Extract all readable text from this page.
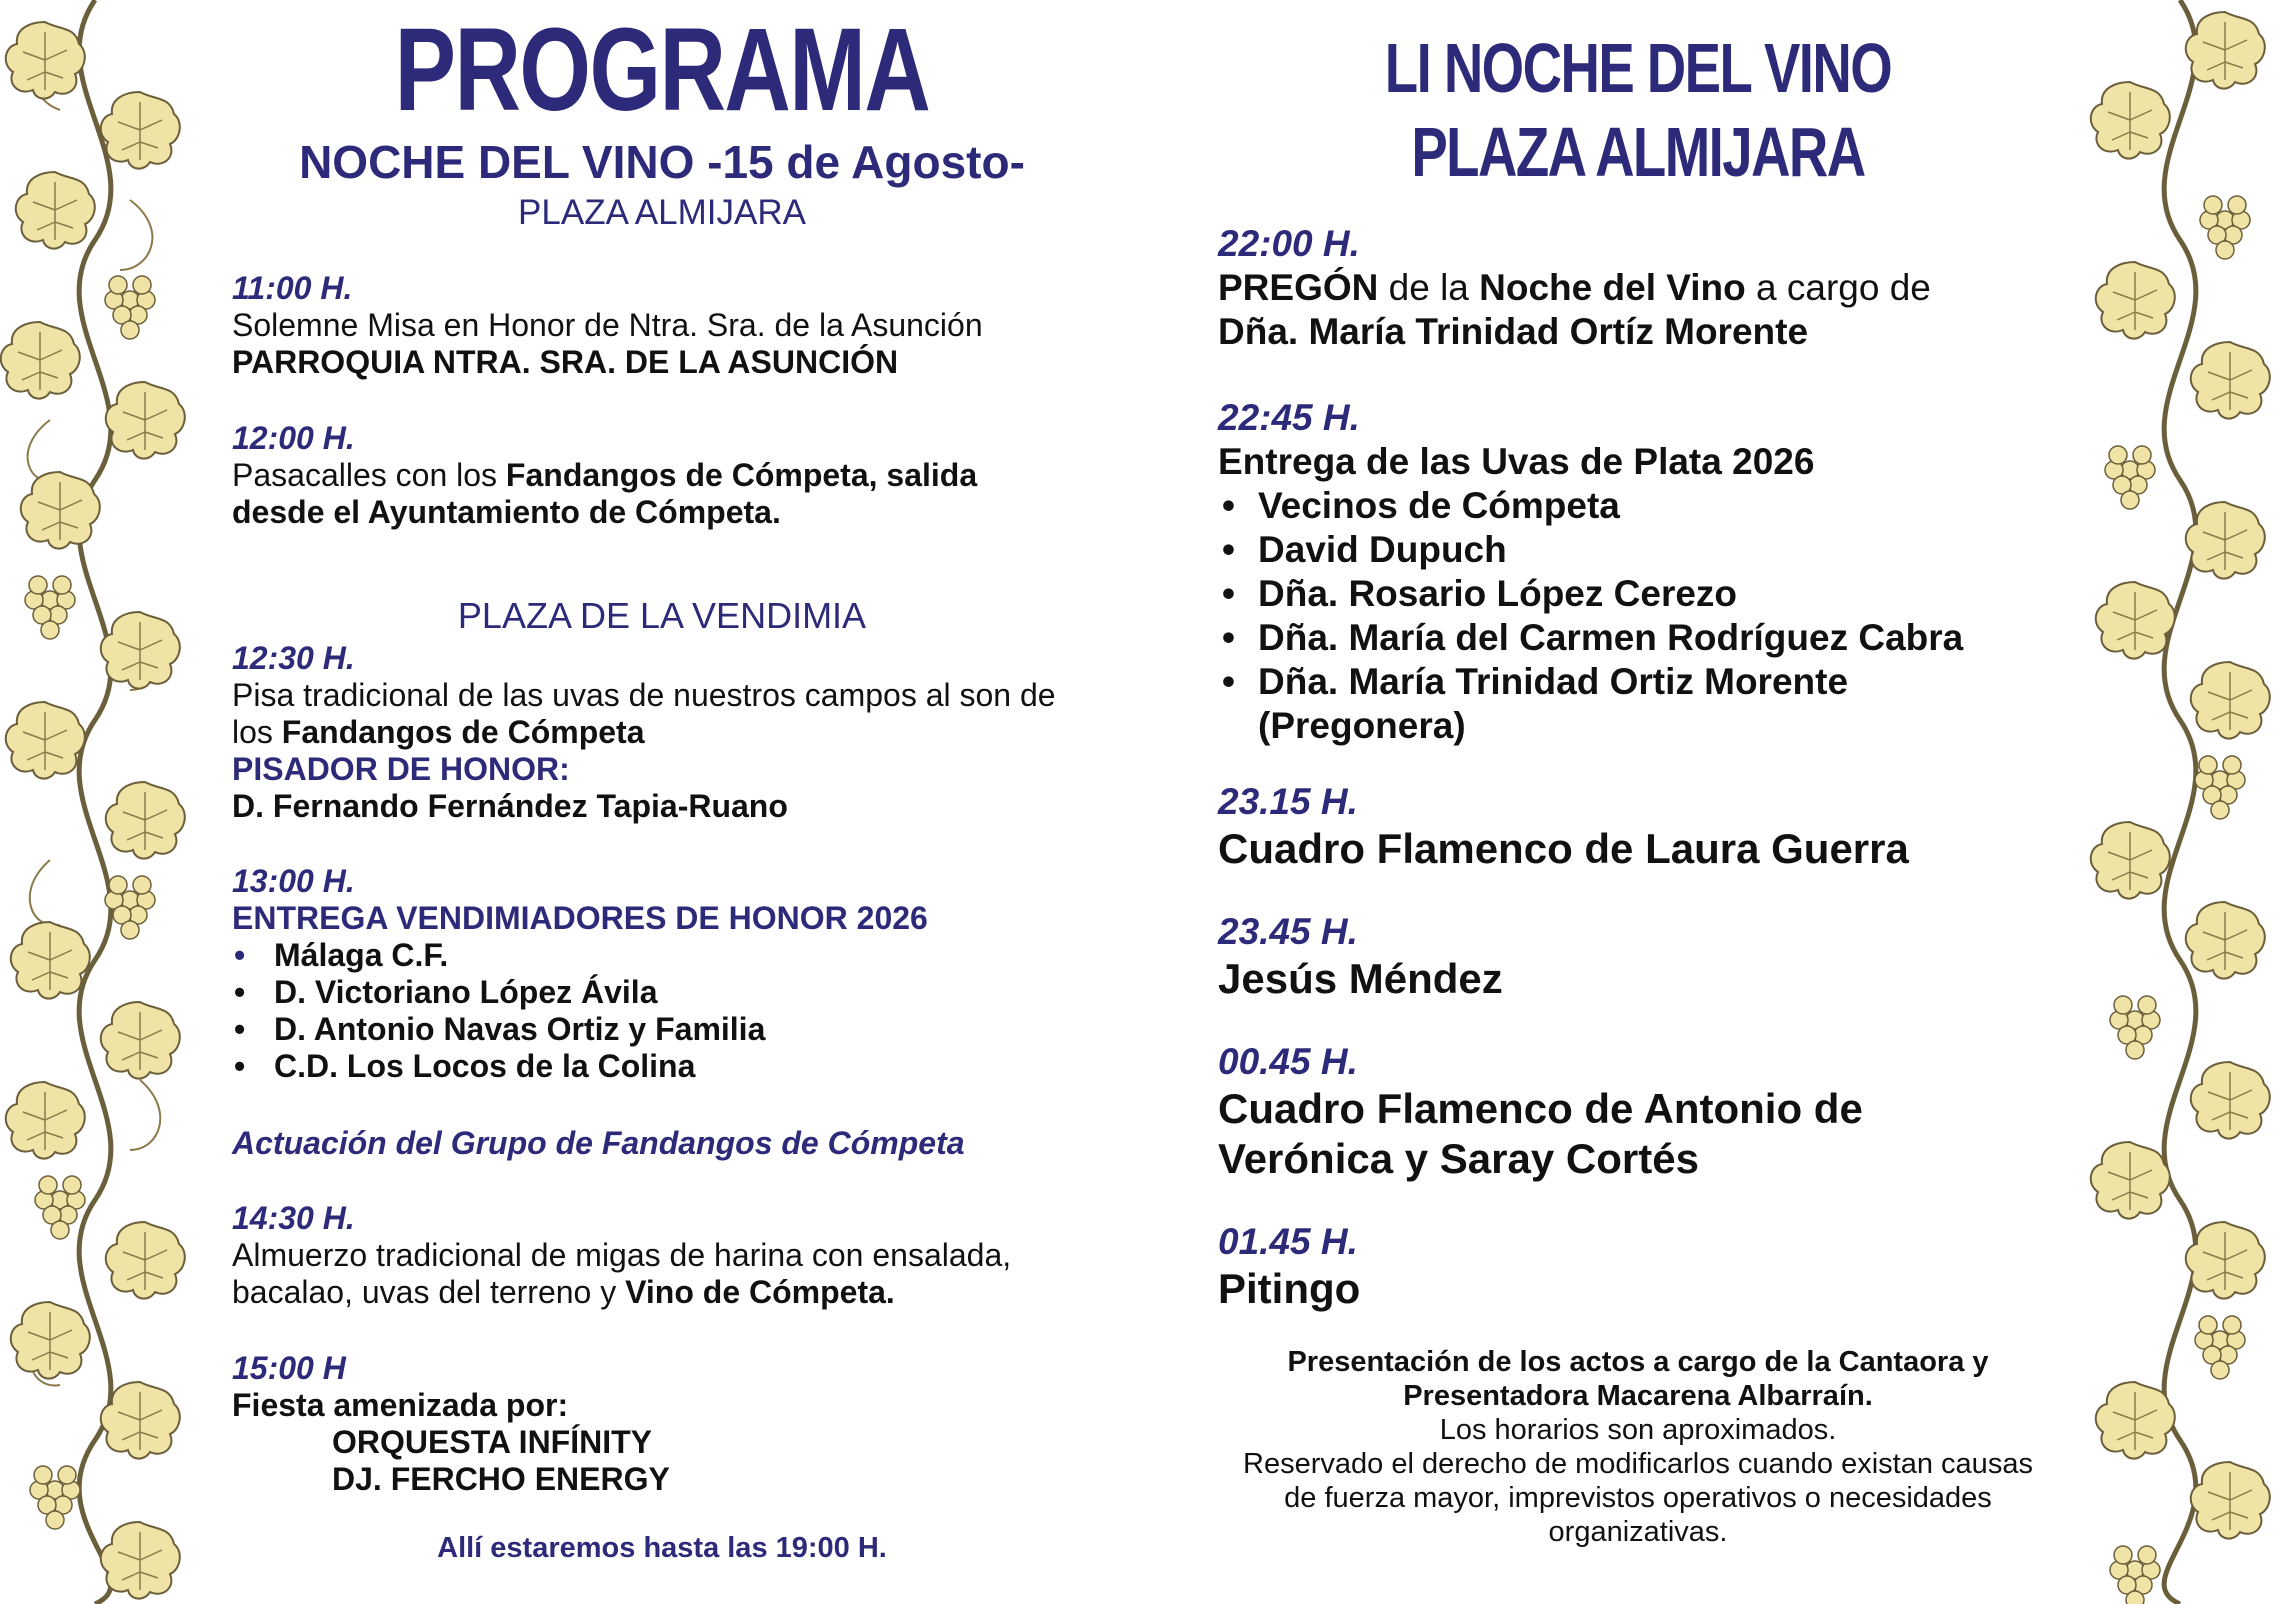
PROGRAMA
NOCHE DEL VINO -15 de Agosto-
PLAZA ALMIJARA

11:00 H.

Solemne Misa en Honor de Ntra. Sra. de la Asunción

PARROQUIA NTRA. SRA. DE LA ASUNCIÓN

12:00 H.

Pasacalles con los Fandangos de Cómpeta, salida

desde el Ayuntamiento de Cómpeta.

PLAZA DE LA VENDIMIA

12:30 H.

Pisa tradicional de las uvas de nuestros campos al son de

los Fandangos de Cómpeta

PISADOR DE HONOR:

D. Fernando Fernández Tapia-Ruano

13:00 H.

ENTREGA VENDIMIADORES DE HONOR 2026

• Málaga C.F.
• D. Victoriano López Ávila
• D. Antonio Navas Ortiz y Familia
• C.D. Los Locos de la Colina
Actuación del Grupo de Fandangos de Cómpeta

14:30 H.

Almuerzo tradicional de migas de harina con ensalada,

bacalao, uvas del terreno y Vino de Cómpeta.

15:00 H

Fiesta amenizada por:

ORQUESTA INFÍNITY

DJ. FERCHO ENERGY

Allí estaremos hasta las 19:00 H.
LI NOCHE DEL VINO
PLAZA ALMIJARA

22:00 H.

PREGÓN de la Noche del Vino a cargo de

Dña. María Trinidad Ortíz Morente

22:45 H.

Entrega de las Uvas de Plata 2026

• Vecinos de Cómpeta
• David Dupuch
• Dña. Rosario López Cerezo
• Dña. María del Carmen Rodríguez Cabra
• Dña. María Trinidad Ortiz Morente

(Pregonera)

23.15 H.

Cuadro Flamenco de Laura Guerra

23.45 H.

Jesús Méndez

00.45 H.

Cuadro Flamenco de Antonio de

Verónica y Saray Cortés

01.45 H.

Pitingo

Presentación de los actos a cargo de la Cantaora y
Presentadora Macarena Albarraín.
Los horarios son aproximados.
Reservado el derecho de modificarlos cuando existan causas
de fuerza mayor, imprevistos operativos o necesidades
organizativas.
